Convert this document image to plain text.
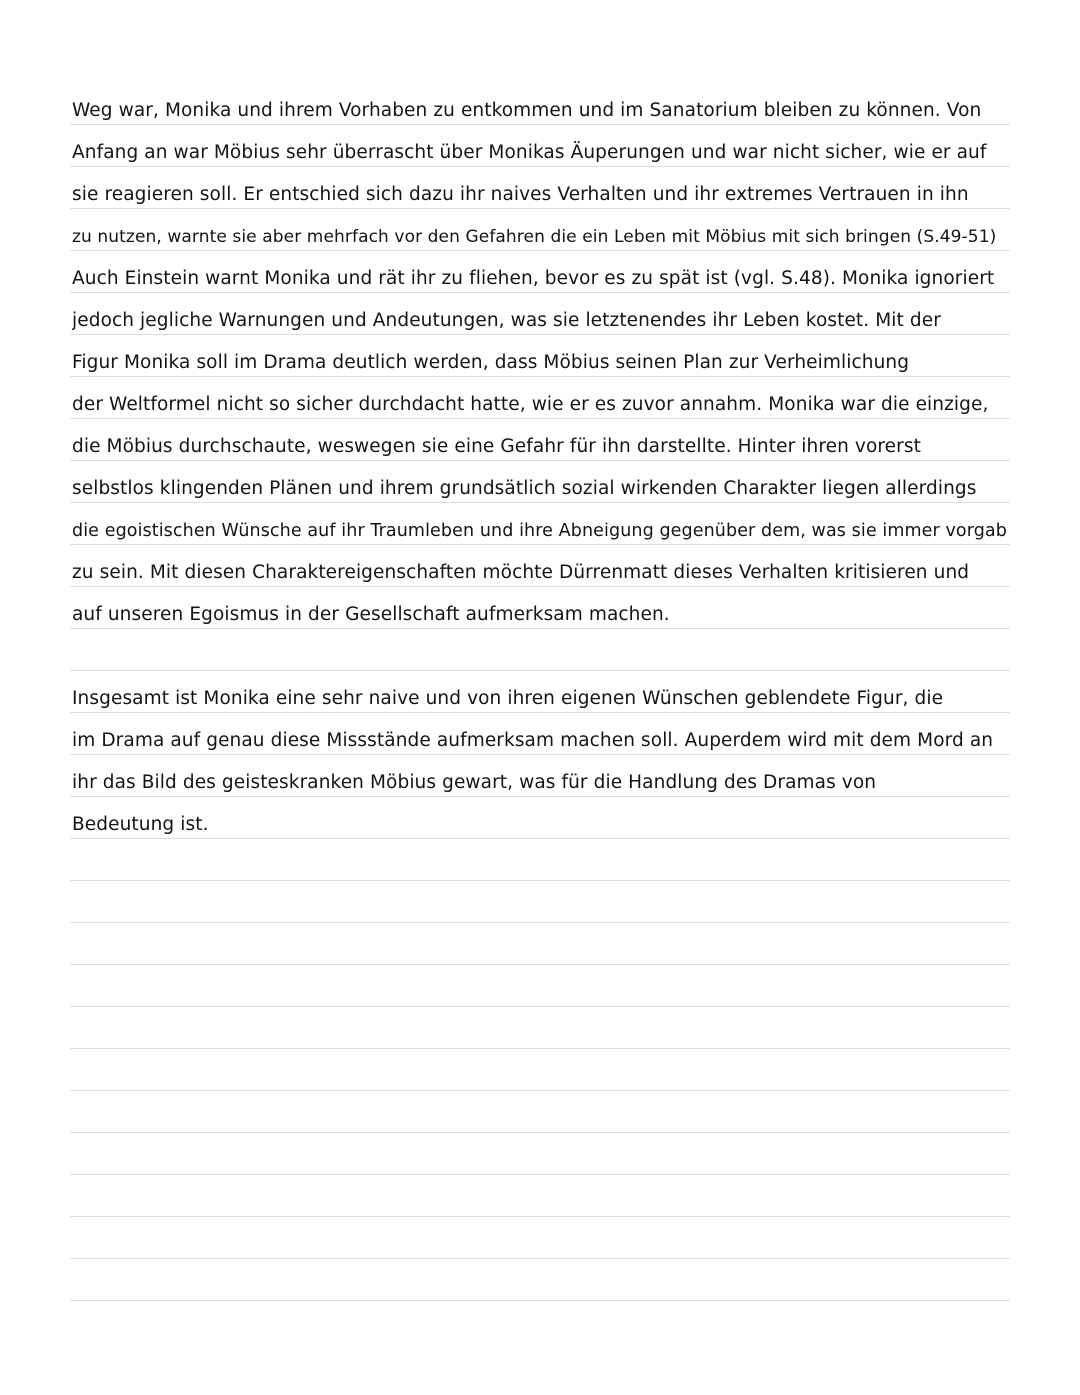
Weg war, Monika und ihrem Vorhaben zu entkommen und im Sanatorium bleiben zu können. Von
Anfang an war Möbius sehr überrascht über Monikas Äuperungen und war nicht sicher, wie er auf
sie reagieren soll. Er entschied sich dazu ihr naives Verhalten und ihr extremes Vertrauen in ihn
zu nutzen, warnte sie aber mehrfach vor den Gefahren die ein Leben mit Möbius mit sich bringen (S.49-51)
Auch Einstein warnt Monika und rät ihr zu fliehen, bevor es zu spät ist (vgl. S.48). Monika ignoriert
jedoch jegliche Warnungen und Andeutungen, was sie letztenendes ihr Leben kostet. Mit der
Figur Monika soll im Drama deutlich werden, dass Möbius seinen Plan zur Verheimlichung
der Weltformel nicht so sicher durchdacht hatte, wie er es zuvor annahm. Monika war die einzige,
die Möbius durchschaute, weswegen sie eine Gefahr für ihn darstellte. Hinter ihren vorerst
selbstlos klingenden Plänen und ihrem grundsätlich sozial wirkenden Charakter liegen allerdings
die egoistischen Wünsche auf ihr Traumleben und ihre Abneigung gegenüber dem, was sie immer vorgab
zu sein. Mit diesen Charaktereigenschaften möchte Dürrenmatt dieses Verhalten kritisieren und
auf unseren Egoismus in der Gesellschaft aufmerksam machen.
Insgesamt ist Monika eine sehr naive und von ihren eigenen Wünschen geblendete Figur, die
im Drama auf genau diese Missstände aufmerksam machen soll. Auperdem wird mit dem Mord an
ihr das Bild des geisteskranken Möbius gewart, was für die Handlung des Dramas von
Bedeutung ist.
